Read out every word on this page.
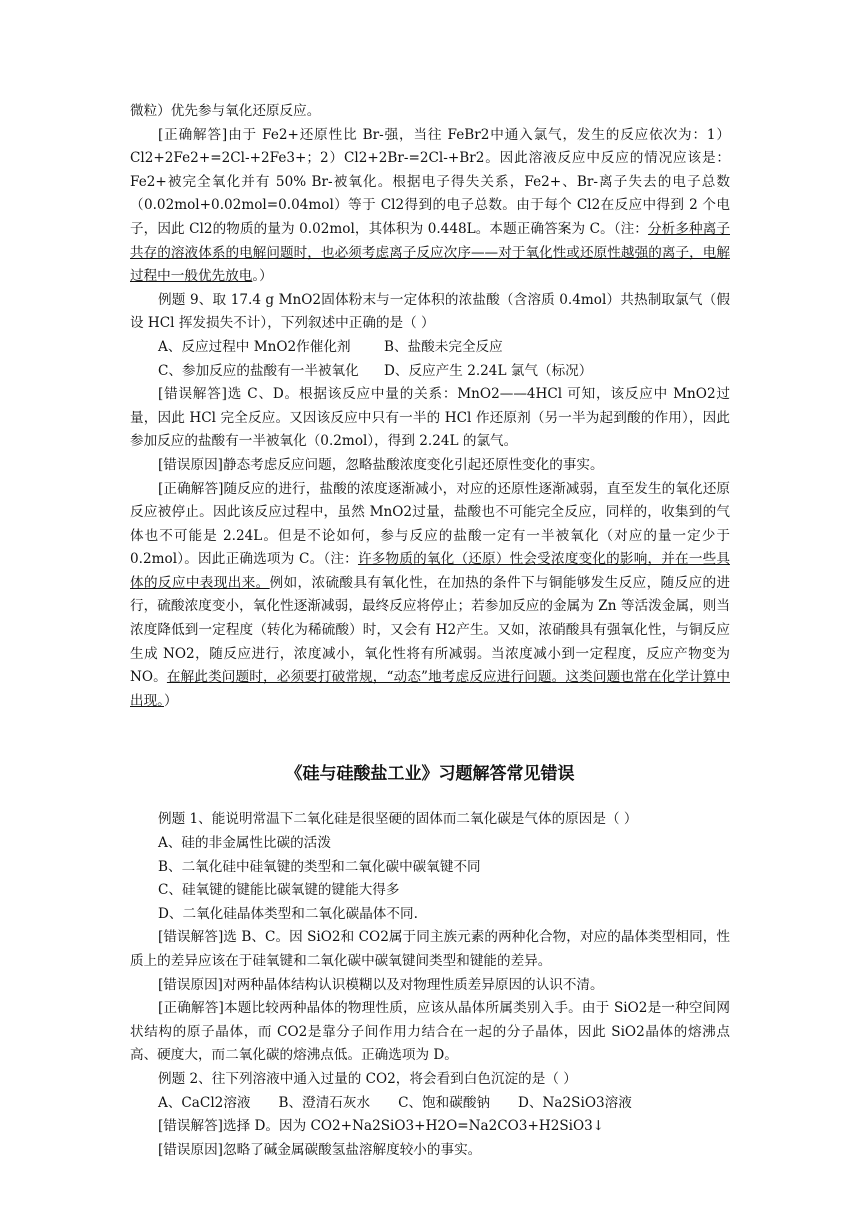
微粒）优先参与氧化还原反应。

[正确解答]由于 Fe2+还原性比 Br-强，当往 FeBr2中通入氯气，发生的反应依次为：1）Cl2+2Fe2+=2Cl-+2Fe3+；2）Cl2+2Br-=2Cl-+Br2。因此溶液反应中反应的情况应该是：Fe2+被完全氧化并有 50% Br-被氧化。根据电子得失关系，Fe2+、Br-离子失去的电子总数（0.02mol+0.02mol=0.04mol）等于 Cl2得到的电子总数。由于每个 Cl2在反应中得到 2 个电子，因此 Cl2的物质的量为 0.02mol，其体积为 0.448L。本题正确答案为 C。（注：分析多种离子共存的溶液体系的电解问题时，也必须考虑离子反应次序——对于氧化性或还原性越强的离子，电解过程中一般优先放电。）

例题 9、取 17.4 g MnO2固体粉末与一定体积的浓盐酸（含溶质 0.4mol）共热制取氯气（假设 HCl 挥发损失不计），下列叙述中正确的是（ ）

A、反应过程中 MnO2作催化剂	B、盐酸未完全反应
C、参加反应的盐酸有一半被氧化	D、反应产生 2.24L 氯气（标况）

[错误解答]选 C、D。根据该反应中量的关系：MnO2——4HCl 可知，该反应中 MnO2过量，因此 HCl 完全反应。又因该反应中只有一半的 HCl 作还原剂（另一半为起到酸的作用），因此参加反应的盐酸有一半被氧化（0.2mol），得到 2.24L 的氯气。

[错误原因]静态考虑反应问题，忽略盐酸浓度变化引起还原性变化的事实。

[正确解答]随反应的进行，盐酸的浓度逐渐减小，对应的还原性逐渐减弱，直至发生的氧化还原反应被停止。因此该反应过程中，虽然 MnO2过量，盐酸也不可能完全反应，同样的，收集到的气体也不可能是 2.24L。但是不论如何，参与反应的盐酸一定有一半被氧化（对应的量一定少于 0.2mol）。因此正确选项为 C。（注：许多物质的氧化（还原）性会受浓度变化的影响，并在一些具体的反应中表现出来。例如，浓硫酸具有氧化性，在加热的条件下与铜能够发生反应，随反应的进行，硫酸浓度变小，氧化性逐渐减弱，最终反应将停止；若参加反应的金属为 Zn 等活泼金属，则当浓度降低到一定程度（转化为稀硫酸）时，又会有 H2产生。又如，浓硝酸具有强氧化性，与铜反应生成 NO2，随反应进行，浓度减小，氧化性将有所减弱。当浓度减小到一定程度，反应产物变为 NO。在解此类问题时，必须要打破常规，“动态”地考虑反应进行问题。这类问题也常在化学计算中出现。）

《硅与硅酸盐工业》习题解答常见错误

例题 1、能说明常温下二氧化硅是很坚硬的固体而二氧化碳是气体的原因是（ ）

A、硅的非金属性比碳的活泼

B、二氧化硅中硅氧键的类型和二氧化碳中碳氧键不同

C、硅氧键的键能比碳氧键的键能大得多

D、二氧化硅晶体类型和二氧化碳晶体不同.

[错误解答]选 B、C。因 SiO2和 CO2属于同主族元素的两种化合物，对应的晶体类型相同，性质上的差异应该在于硅氧键和二氧化碳中碳氧键间类型和键能的差异。

[错误原因]对两种晶体结构认识模糊以及对物理性质差异原因的认识不清。

[正确解答]本题比较两种晶体的物理性质，应该从晶体所属类别入手。由于 SiO2是一种空间网状结构的原子晶体，而 CO2是靠分子间作用力结合在一起的分子晶体，因此 SiO2晶体的熔沸点高、硬度大，而二氧化碳的熔沸点低。正确选项为 D。

例题 2、往下列溶液中通入过量的 CO2，将会看到白色沉淀的是（ ）

A、CaCl2溶液 B、澄清石灰水 C、饱和碳酸钠 D、Na2SiO3溶液

[错误解答]选择 D。因为 CO2+Na2SiO3+H2O=Na2CO3+H2SiO3↓

[错误原因]忽略了碱金属碳酸氢盐溶解度较小的事实。
